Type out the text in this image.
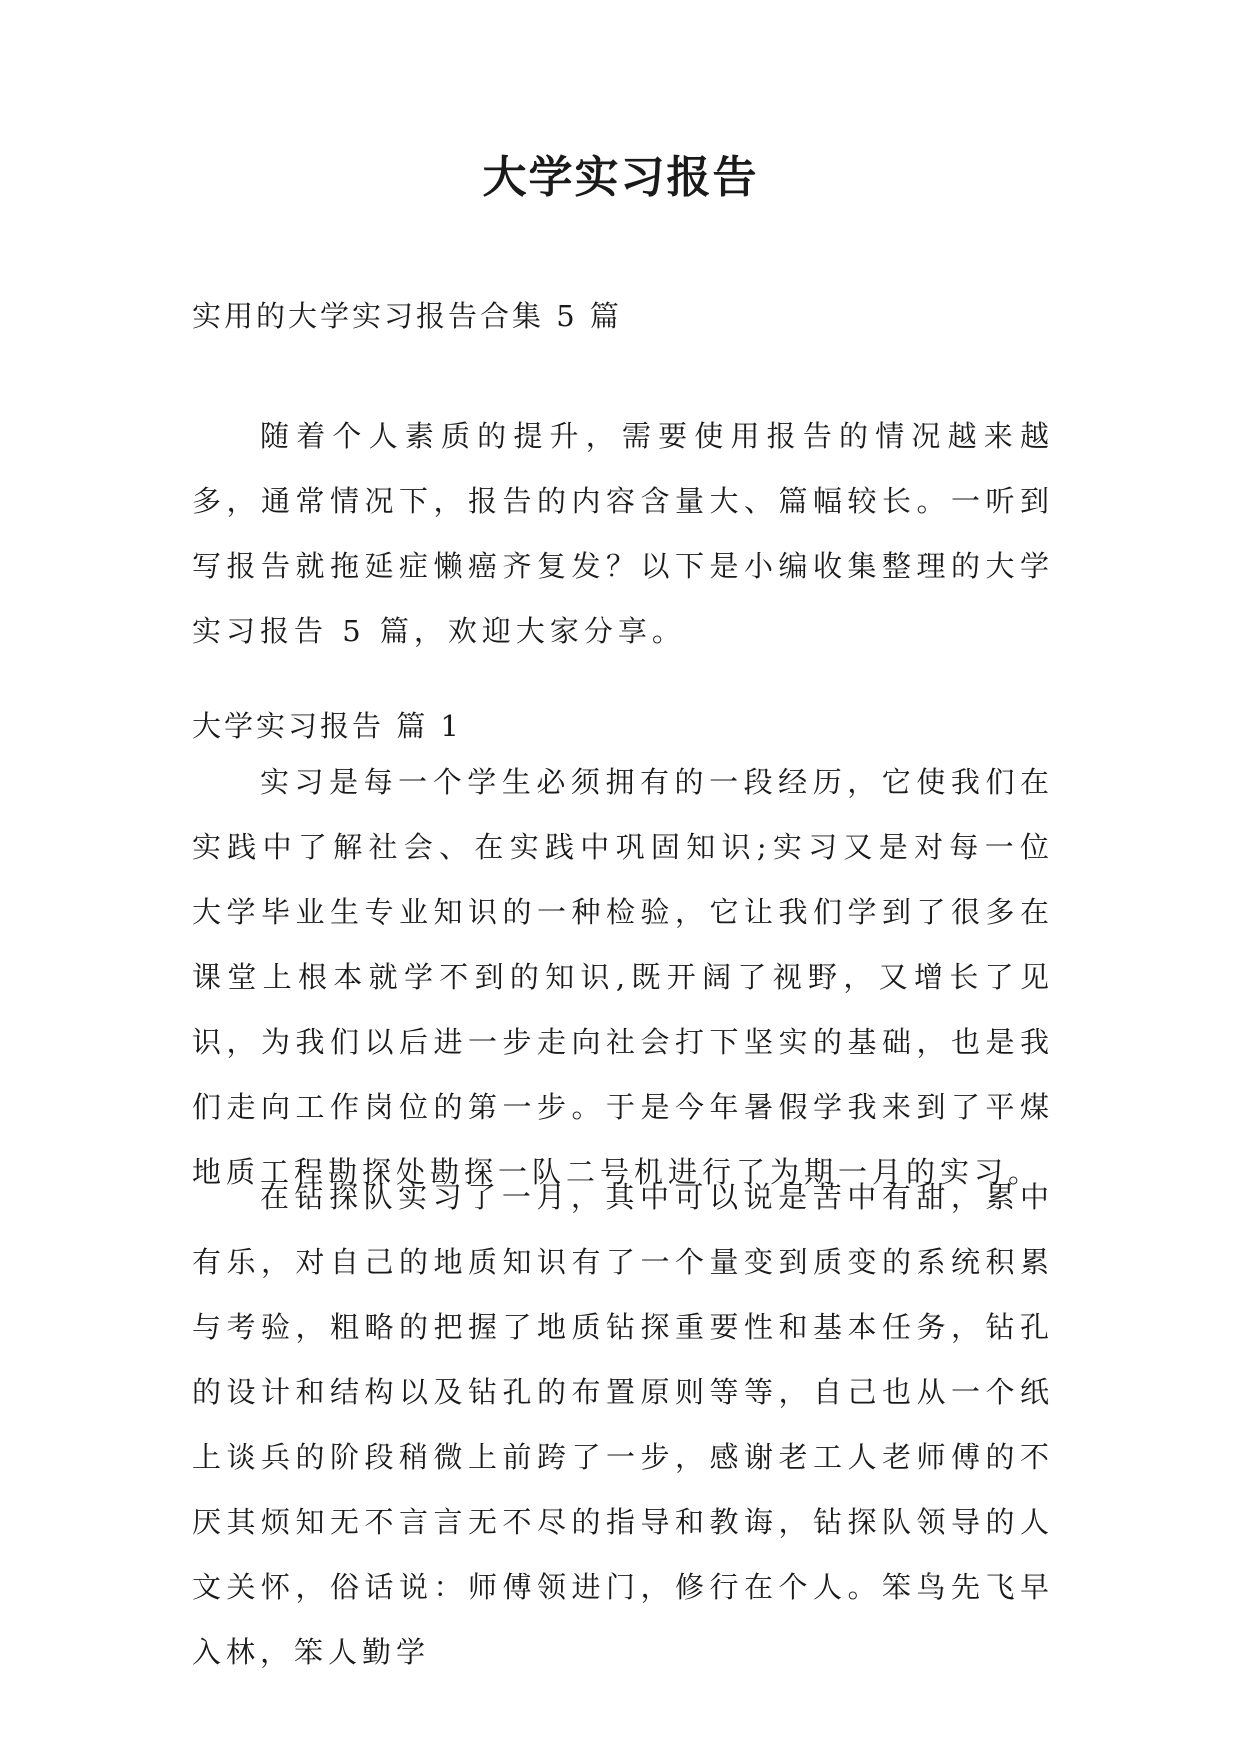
大学实习报告
实用的大学实习报告合集 5 篇

随着个人素质的提升，需要使用报告的情况越来越多，通常情况下，报告的内容含量大、篇幅较长。一听到写报告就拖延症懒癌齐复发？以下是小编收集整理的大学实习报告 5 篇，欢迎大家分享。

大学实习报告 篇 1

实习是每一个学生必须拥有的一段经历，它使我们在实践中了解社会、在实践中巩固知识;实习又是对每一位大学毕业生专业知识的一种检验，它让我们学到了很多在课堂上根本就学不到的知识,既开阔了视野，又增长了见识，为我们以后进一步走向社会打下坚实的基础，也是我们走向工作岗位的第一步。于是今年暑假学我来到了平煤地质工程勘探处勘探一队二号机进行了为期一月的实习。

在钻探队实习了一月，其中可以说是苦中有甜，累中有乐，对自己的地质知识有了一个量变到质变的系统积累与考验，粗略的把握了地质钻探重要性和基本任务，钻孔的设计和结构以及钻孔的布置原则等等，自己也从一个纸上谈兵的阶段稍微上前跨了一步，感谢老工人老师傅的不厌其烦知无不言言无不尽的指导和教诲，钻探队领导的人文关怀，俗话说：师傅领进门，修行在个人。笨鸟先飞早入林，笨人勤学
